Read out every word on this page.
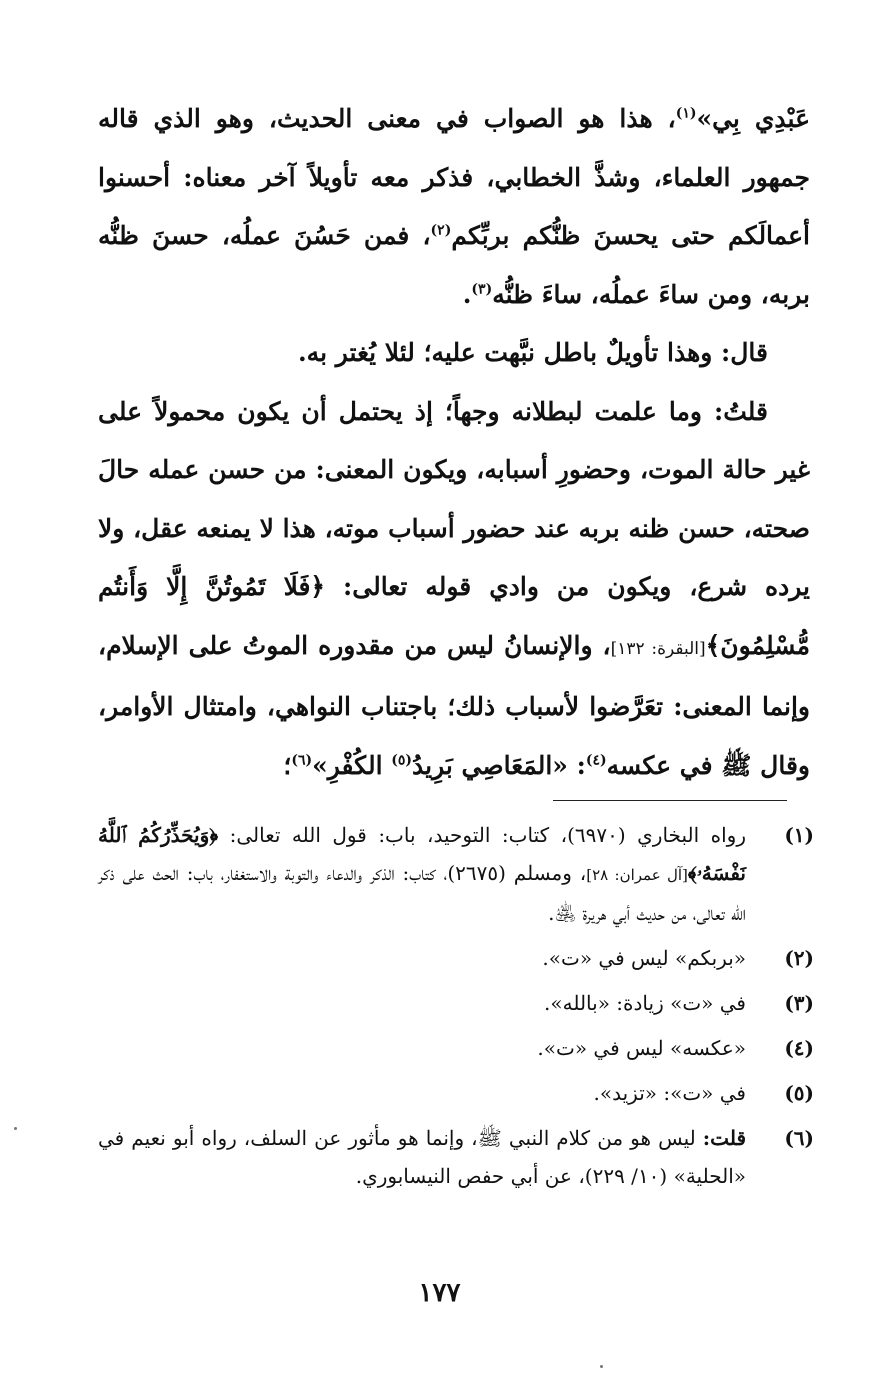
عَبْدِي بِي»$^{(١)}$، هذا هو الصواب في معنى الحديث، وهو الذي قاله جمهور العلماء، وشذَّ الخطابي، فذكر معه تأويلاً آخر معناه: أحسنوا أعمالَكم حتى يحسنَ ظنُّكم بربِّكم$^{(٢)}$، فمن حَسُنَ عملُه، حسنَ ظنُّه بربه، ومن ساءَ عملُه، ساءَ ظنُّه$^{(٣)}$.

قال: وهذا تأويلٌ باطل نبَّهت عليه؛ لئلا يُغتر به.

قلتُ: وما علمت لبطلانه وجهاً؛ إذ يحتمل أن يكون محمولاً على غير حالة الموت، وحضورِ أسبابه، ويكون المعنى: من حسن عمله حالَ صحته، حسن ظنه بربه عند حضور أسباب موته، هذا لا يمنعه عقل، ولا يرده شرع، ويكون من وادي قوله تعالى: ﴿فَلَا تَمُوتُنَّ إِلَّا وَأَنتُم مُّسْلِمُونَ﴾[البقرة: ١٣٢]، والإنسانُ ليس من مقدوره الموتُ على الإسلام، وإنما المعنى: تعَرَّضوا لأسباب ذلك؛ باجتناب النواهي، وامتثال الأوامر، وقال ﷺ في عكسه$^{(٤)}$: «المَعَاصِي بَرِيدُ$^{(٥)}$ الكُفْرِ»$^{(٦)}$؛

(١)
رواه البخاري (٦٩٧٠)، كتاب: التوحيد، باب: قول الله تعالى: ﴿وَيُحَذِّرُكُمُ ٱللَّهُ نَفْسَهُۥ﴾[آل عمران: ٢٨]، ومسلم (٢٦٧٥)، كتاب: الذكر والدعاء والتوبة والاستغفار، باب: الحث على ذكر الله تعالى، من حديث أبي هريرة ﵁.
(٢)
«بربكم» ليس في «ت».
(٣)
في «ت» زيادة: «بالله».
(٤)
«عكسه» ليس في «ت».
(٥)
في «ت»: «تزيد».
(٦)
قلت: ليس هو من كلام النبي ﷺ، وإنما هو مأثور عن السلف، رواه أبو نعيم في «الحلية» (١٠/ ٢٢٩)، عن أبي حفص النيسابوري.
١٧٧
